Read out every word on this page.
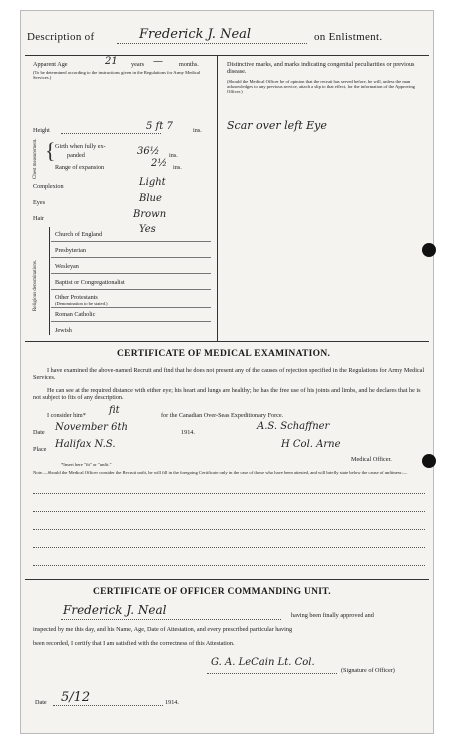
Description of	Frederick J. Neal	on Enlistment.
Apparent Age	21 years —	months.
(To be determined according to the instructions given in the Regulations for Army Medical Services.)
Height	5 ft 7	ins.
Chest measurement. { Girth when fully ex-
panded	36½ ins.
Range of expansion	2½ ins.
Complexion	Light
Eyes	Blue
Hair	Brown
Religious denominations.
Church of England	Yes
Presbyterian
Wesleyan
Baptist or Congregationalist
Other Protestants
(Denomination to be stated.)
Roman Catholic
Jewish
Distinctive marks, and marks indicating congenital peculiarities or previous disease.
(Should the Medical Officer be of opinion that the recruit has served before, he will, unless the man acknowledges to any previous service, attach a slip to that effect, for the information of the Approving Officer.)
Scar over left Eye
CERTIFICATE OF MEDICAL EXAMINATION.
I have examined the above-named Recruit and find that he does not present any of the causes of rejection specified in the Regulations for Army Medical Services.
He can see at the required distance with either eye; his heart and lungs are healthy; he has the free use of his joints and limbs, and he declares that he is not subject to fits of any description.
I consider him* fit	for the Canadian Over-Seas Expeditionary Force.
Date November 6th	1914.
A.S. Schaffner
Place Halifax N.S.	H Col. Arne
Medical Officer.
*Insert here "fit" or "unfit."
Note.—Should the Medical Officer consider the Recruit unfit, he will fill in the foregoing Certificate only in the case of those who have been attested, and will briefly state below the cause of unfitness:—
CERTIFICATE OF OFFICER COMMANDING UNIT.
Frederick J. Neal	having been finally approved and
inspected by me this day, and his Name, Age, Date of Attestation, and every prescribed particular having
been recorded, I certify that I am satisfied with the correctness of this Attestation.
G. A. LeCain Lt. Col.
(Signature of Officer)
Date 5/12	1914.
